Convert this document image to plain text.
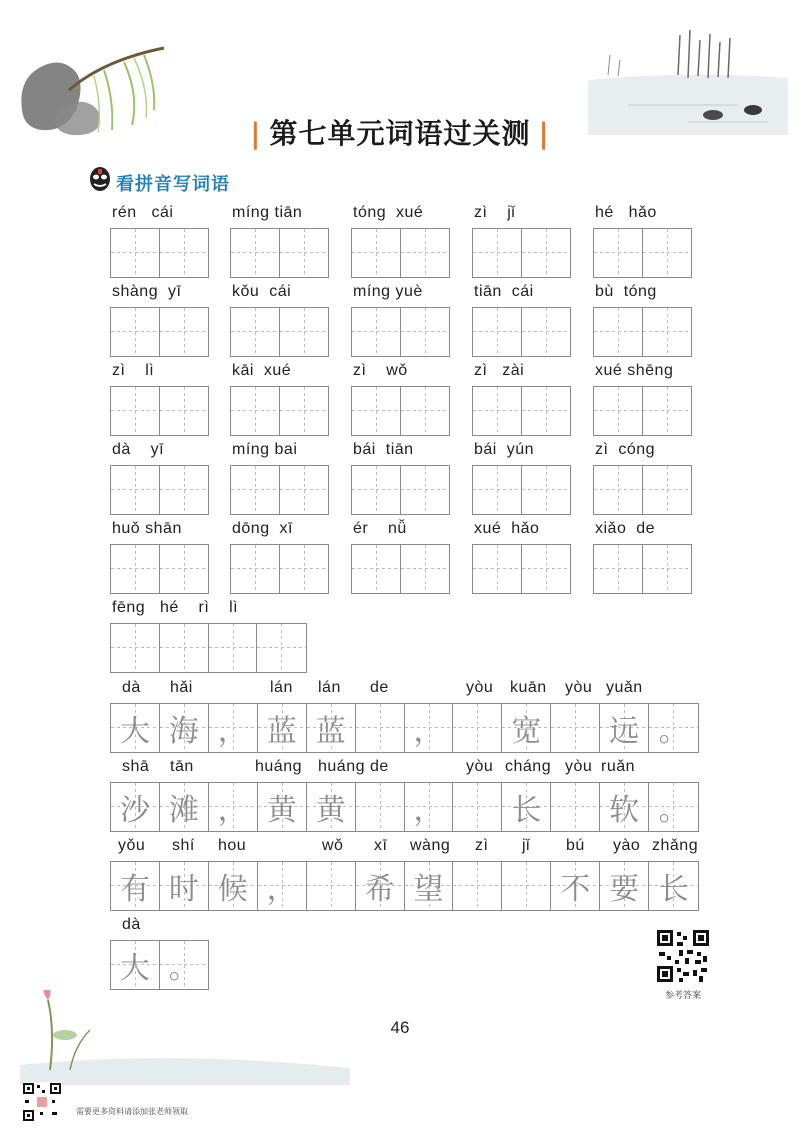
| 第七单元词语过关测 |
看拼音写词语
rén   cái	míng tiān	tóng  xué	zì    jǐ	hé   hǎo
shàng  yī	kǒu  cái	míng yuè	tiān  cái	bù  tóng
zì    lì	kāi  xué	zì    wǒ	zì   zài	xué shēng
dà    yī	míng bai	bái  tiān	bái  yún	zì  cóng
huǒ shān	dōng  xī	ér    nǚ	xué  hǎo	xiǎo  de
fēng   hé    rì    lì
dà hǎi	lán lán de	yòu kuān yòu yuǎn
大 海 ， 蓝 蓝 ， 宽 远 。
shā tān	huáng huáng de	yòu cháng yòu ruǎn
沙 滩 ， 黄 黄 ， 长 软 。
yǒu shí hou	wǒ xī wàng zì jǐ bú yào zhǎng
有 时 候 ， 希 望	不 要 长
dà
大 。
参考答案
46
需要更多资料请添加张老师领取
